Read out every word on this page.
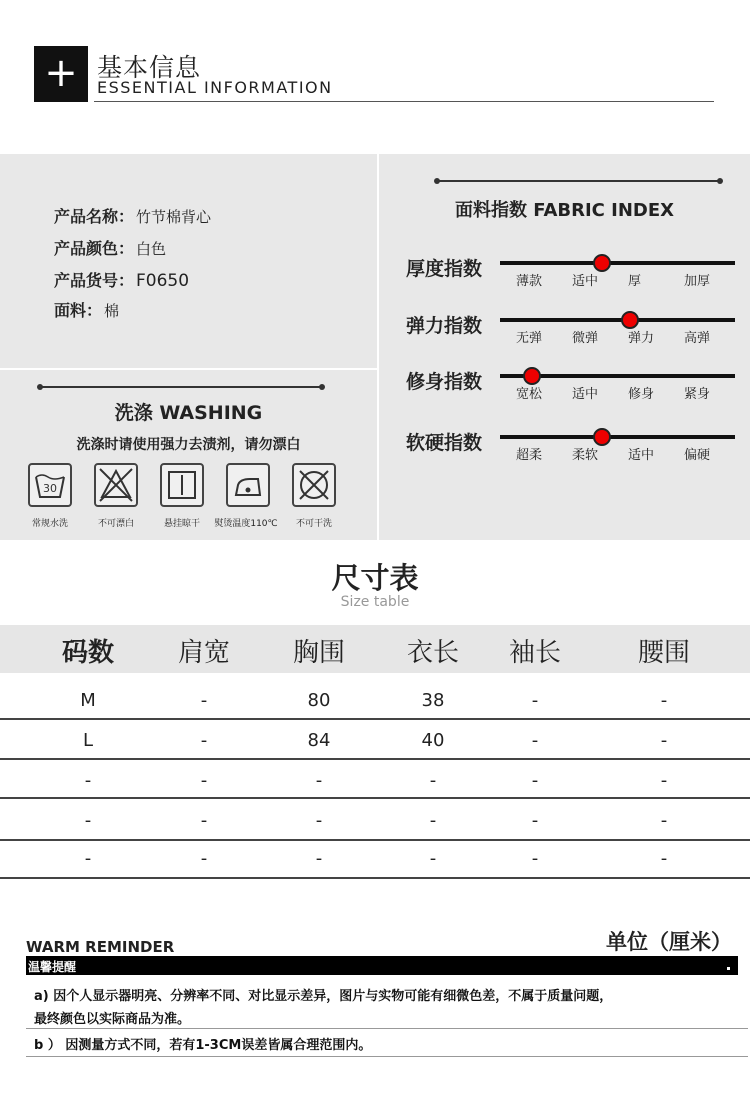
+ 基本信息
ESSENTIAL INFORMATION
产品名称： 竹节棉背心
产品颜色： 白色
产品货号： F0650
面料： 棉
洗涤 WASHING
洗涤时请使用强力去渍剂，请勿漂白
30
常规水洗	不可漂白	悬挂晾干	熨烫温度110℃	不可干洗
面料指数 FABRIC INDEX
厚度指数
薄款 适中 厚	加厚
弹力指数
无弹 微弹 弹力 高弹
修身指数
宽松 适中 修身 紧身
软硬指数
超柔 柔软 适中 偏硬
尺寸表
Size table
码数	肩宽	胸围	衣长	袖长	腰围
M	-	80	38	-	-
L	-	84	40	-	-
-	-	-	-	-	-
-	-	-	-	-	-
-	-	-	-	-	-
单位（厘米）
WARM REMINDER
温馨提醒
a) 因个人显示器明亮、分辨率不同、对比显示差异，图片与实物可能有细微色差，不属于质量问题，
最终颜色以实际商品为准。
b ） 因测量方式不同，若有1-3CM误差皆属合理范围内。
